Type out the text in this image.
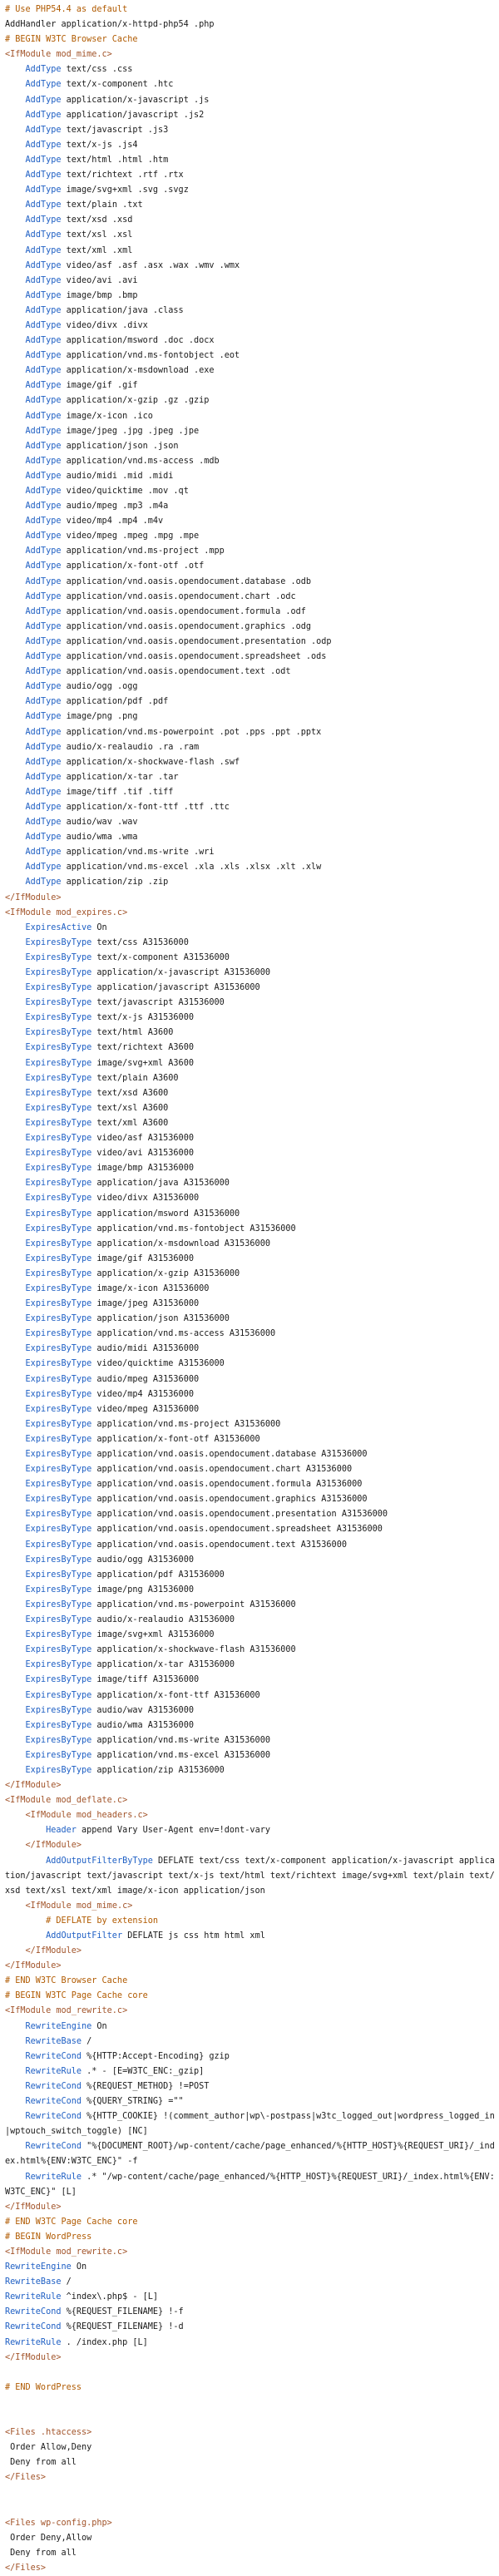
# Use PHP54.4 as default
AddHandler application/x-httpd-php54 .php
# BEGIN W3TC Browser Cache
<IfModule mod_mime.c>
AddType text/css .css
AddType text/x-component .htc
AddType application/x-javascript .js
AddType application/javascript .js2
AddType text/javascript .js3
AddType text/x-js .js4
AddType text/html .html .htm
AddType text/richtext .rtf .rtx
AddType image/svg+xml .svg .svgz
AddType text/plain .txt
AddType text/xsd .xsd
AddType text/xsl .xsl
AddType text/xml .xml
AddType video/asf .asf .asx .wax .wmv .wmx
AddType video/avi .avi
AddType image/bmp .bmp
AddType application/java .class
AddType video/divx .divx
AddType application/msword .doc .docx
AddType application/vnd.ms-fontobject .eot
AddType application/x-msdownload .exe
AddType image/gif .gif
AddType application/x-gzip .gz .gzip
AddType image/x-icon .ico
AddType image/jpeg .jpg .jpeg .jpe
AddType application/json .json
AddType application/vnd.ms-access .mdb
AddType audio/midi .mid .midi
AddType video/quicktime .mov .qt
AddType audio/mpeg .mp3 .m4a
AddType video/mp4 .mp4 .m4v
AddType video/mpeg .mpeg .mpg .mpe
AddType application/vnd.ms-project .mpp
AddType application/x-font-otf .otf
AddType application/vnd.oasis.opendocument.database .odb
AddType application/vnd.oasis.opendocument.chart .odc
AddType application/vnd.oasis.opendocument.formula .odf
AddType application/vnd.oasis.opendocument.graphics .odg
AddType application/vnd.oasis.opendocument.presentation .odp
AddType application/vnd.oasis.opendocument.spreadsheet .ods
AddType application/vnd.oasis.opendocument.text .odt
AddType audio/ogg .ogg
AddType application/pdf .pdf
AddType image/png .png
AddType application/vnd.ms-powerpoint .pot .pps .ppt .pptx
AddType audio/x-realaudio .ra .ram
AddType application/x-shockwave-flash .swf
AddType application/x-tar .tar
AddType image/tiff .tif .tiff
AddType application/x-font-ttf .ttf .ttc
AddType audio/wav .wav
AddType audio/wma .wma
AddType application/vnd.ms-write .wri
AddType application/vnd.ms-excel .xla .xls .xlsx .xlt .xlw
AddType application/zip .zip
</IfModule>
<IfModule mod_expires.c>
ExpiresActive On
ExpiresByType text/css A31536000
ExpiresByType text/x-component A31536000
ExpiresByType application/x-javascript A31536000
ExpiresByType application/javascript A31536000
ExpiresByType text/javascript A31536000
ExpiresByType text/x-js A31536000
ExpiresByType text/html A3600
ExpiresByType text/richtext A3600
ExpiresByType image/svg+xml A3600
ExpiresByType text/plain A3600
ExpiresByType text/xsd A3600
ExpiresByType text/xsl A3600
ExpiresByType text/xml A3600
ExpiresByType video/asf A31536000
ExpiresByType video/avi A31536000
ExpiresByType image/bmp A31536000
ExpiresByType application/java A31536000
ExpiresByType video/divx A31536000
ExpiresByType application/msword A31536000
ExpiresByType application/vnd.ms-fontobject A31536000
ExpiresByType application/x-msdownload A31536000
ExpiresByType image/gif A31536000
ExpiresByType application/x-gzip A31536000
ExpiresByType image/x-icon A31536000
ExpiresByType image/jpeg A31536000
ExpiresByType application/json A31536000
ExpiresByType application/vnd.ms-access A31536000
ExpiresByType audio/midi A31536000
ExpiresByType video/quicktime A31536000
ExpiresByType audio/mpeg A31536000
ExpiresByType video/mp4 A31536000
ExpiresByType video/mpeg A31536000
ExpiresByType application/vnd.ms-project A31536000
ExpiresByType application/x-font-otf A31536000
ExpiresByType application/vnd.oasis.opendocument.database A31536000
ExpiresByType application/vnd.oasis.opendocument.chart A31536000
ExpiresByType application/vnd.oasis.opendocument.formula A31536000
ExpiresByType application/vnd.oasis.opendocument.graphics A31536000
ExpiresByType application/vnd.oasis.opendocument.presentation A31536000
ExpiresByType application/vnd.oasis.opendocument.spreadsheet A31536000
ExpiresByType application/vnd.oasis.opendocument.text A31536000
ExpiresByType audio/ogg A31536000
ExpiresByType application/pdf A31536000
ExpiresByType image/png A31536000
ExpiresByType application/vnd.ms-powerpoint A31536000
ExpiresByType audio/x-realaudio A31536000
ExpiresByType image/svg+xml A31536000
ExpiresByType application/x-shockwave-flash A31536000
ExpiresByType application/x-tar A31536000
ExpiresByType image/tiff A31536000
ExpiresByType application/x-font-ttf A31536000
ExpiresByType audio/wav A31536000
ExpiresByType audio/wma A31536000
ExpiresByType application/vnd.ms-write A31536000
ExpiresByType application/vnd.ms-excel A31536000
ExpiresByType application/zip A31536000
</IfModule>
<IfModule mod_deflate.c>
<IfModule mod_headers.c>
Header append Vary User-Agent env=!dont-vary
</IfModule>
AddOutputFilterByType DEFLATE text/css text/x-component application/x-javascript application/javascript text/javascript text/x-js text/html text/richtext image/svg+xml text/plain text/xsd text/xsl text/xml image/x-icon application/json
<IfModule mod_mime.c>
# DEFLATE by extension
AddOutputFilter DEFLATE js css htm html xml
</IfModule>
</IfModule>
# END W3TC Browser Cache
# BEGIN W3TC Page Cache core
<IfModule mod_rewrite.c>
RewriteEngine On
RewriteBase /
RewriteCond %{HTTP:Accept-Encoding} gzip
RewriteRule .* - [E=W3TC_ENC:_gzip]
RewriteCond %{REQUEST_METHOD} !=POST
RewriteCond %{QUERY_STRING} =""
RewriteCond %{HTTP_COOKIE} !(comment_author|wp\-postpass|w3tc_logged_out|wordpress_logged_in|wptouch_switch_toggle) [NC]
RewriteCond "%{DOCUMENT_ROOT}/wp-content/cache/page_enhanced/%{HTTP_HOST}%{REQUEST_URI}/_index.html%{ENV:W3TC_ENC}" -f
RewriteRule .* "/wp-content/cache/page_enhanced/%{HTTP_HOST}%{REQUEST_URI}/_index.html%{ENV:W3TC_ENC}" [L]
</IfModule>
# END W3TC Page Cache core
# BEGIN WordPress
<IfModule mod_rewrite.c>
RewriteEngine On
RewriteBase /
RewriteRule ^index\.php$ - [L]
RewriteCond %{REQUEST_FILENAME} !-f
RewriteCond %{REQUEST_FILENAME} !-d
RewriteRule . /index.php [L]
</IfModule>

# END WordPress

<Files .htaccess>
Order Allow,Deny
Deny from all
</Files>

<Files wp-config.php>
Order Deny,Allow
Deny from all
</Files>
